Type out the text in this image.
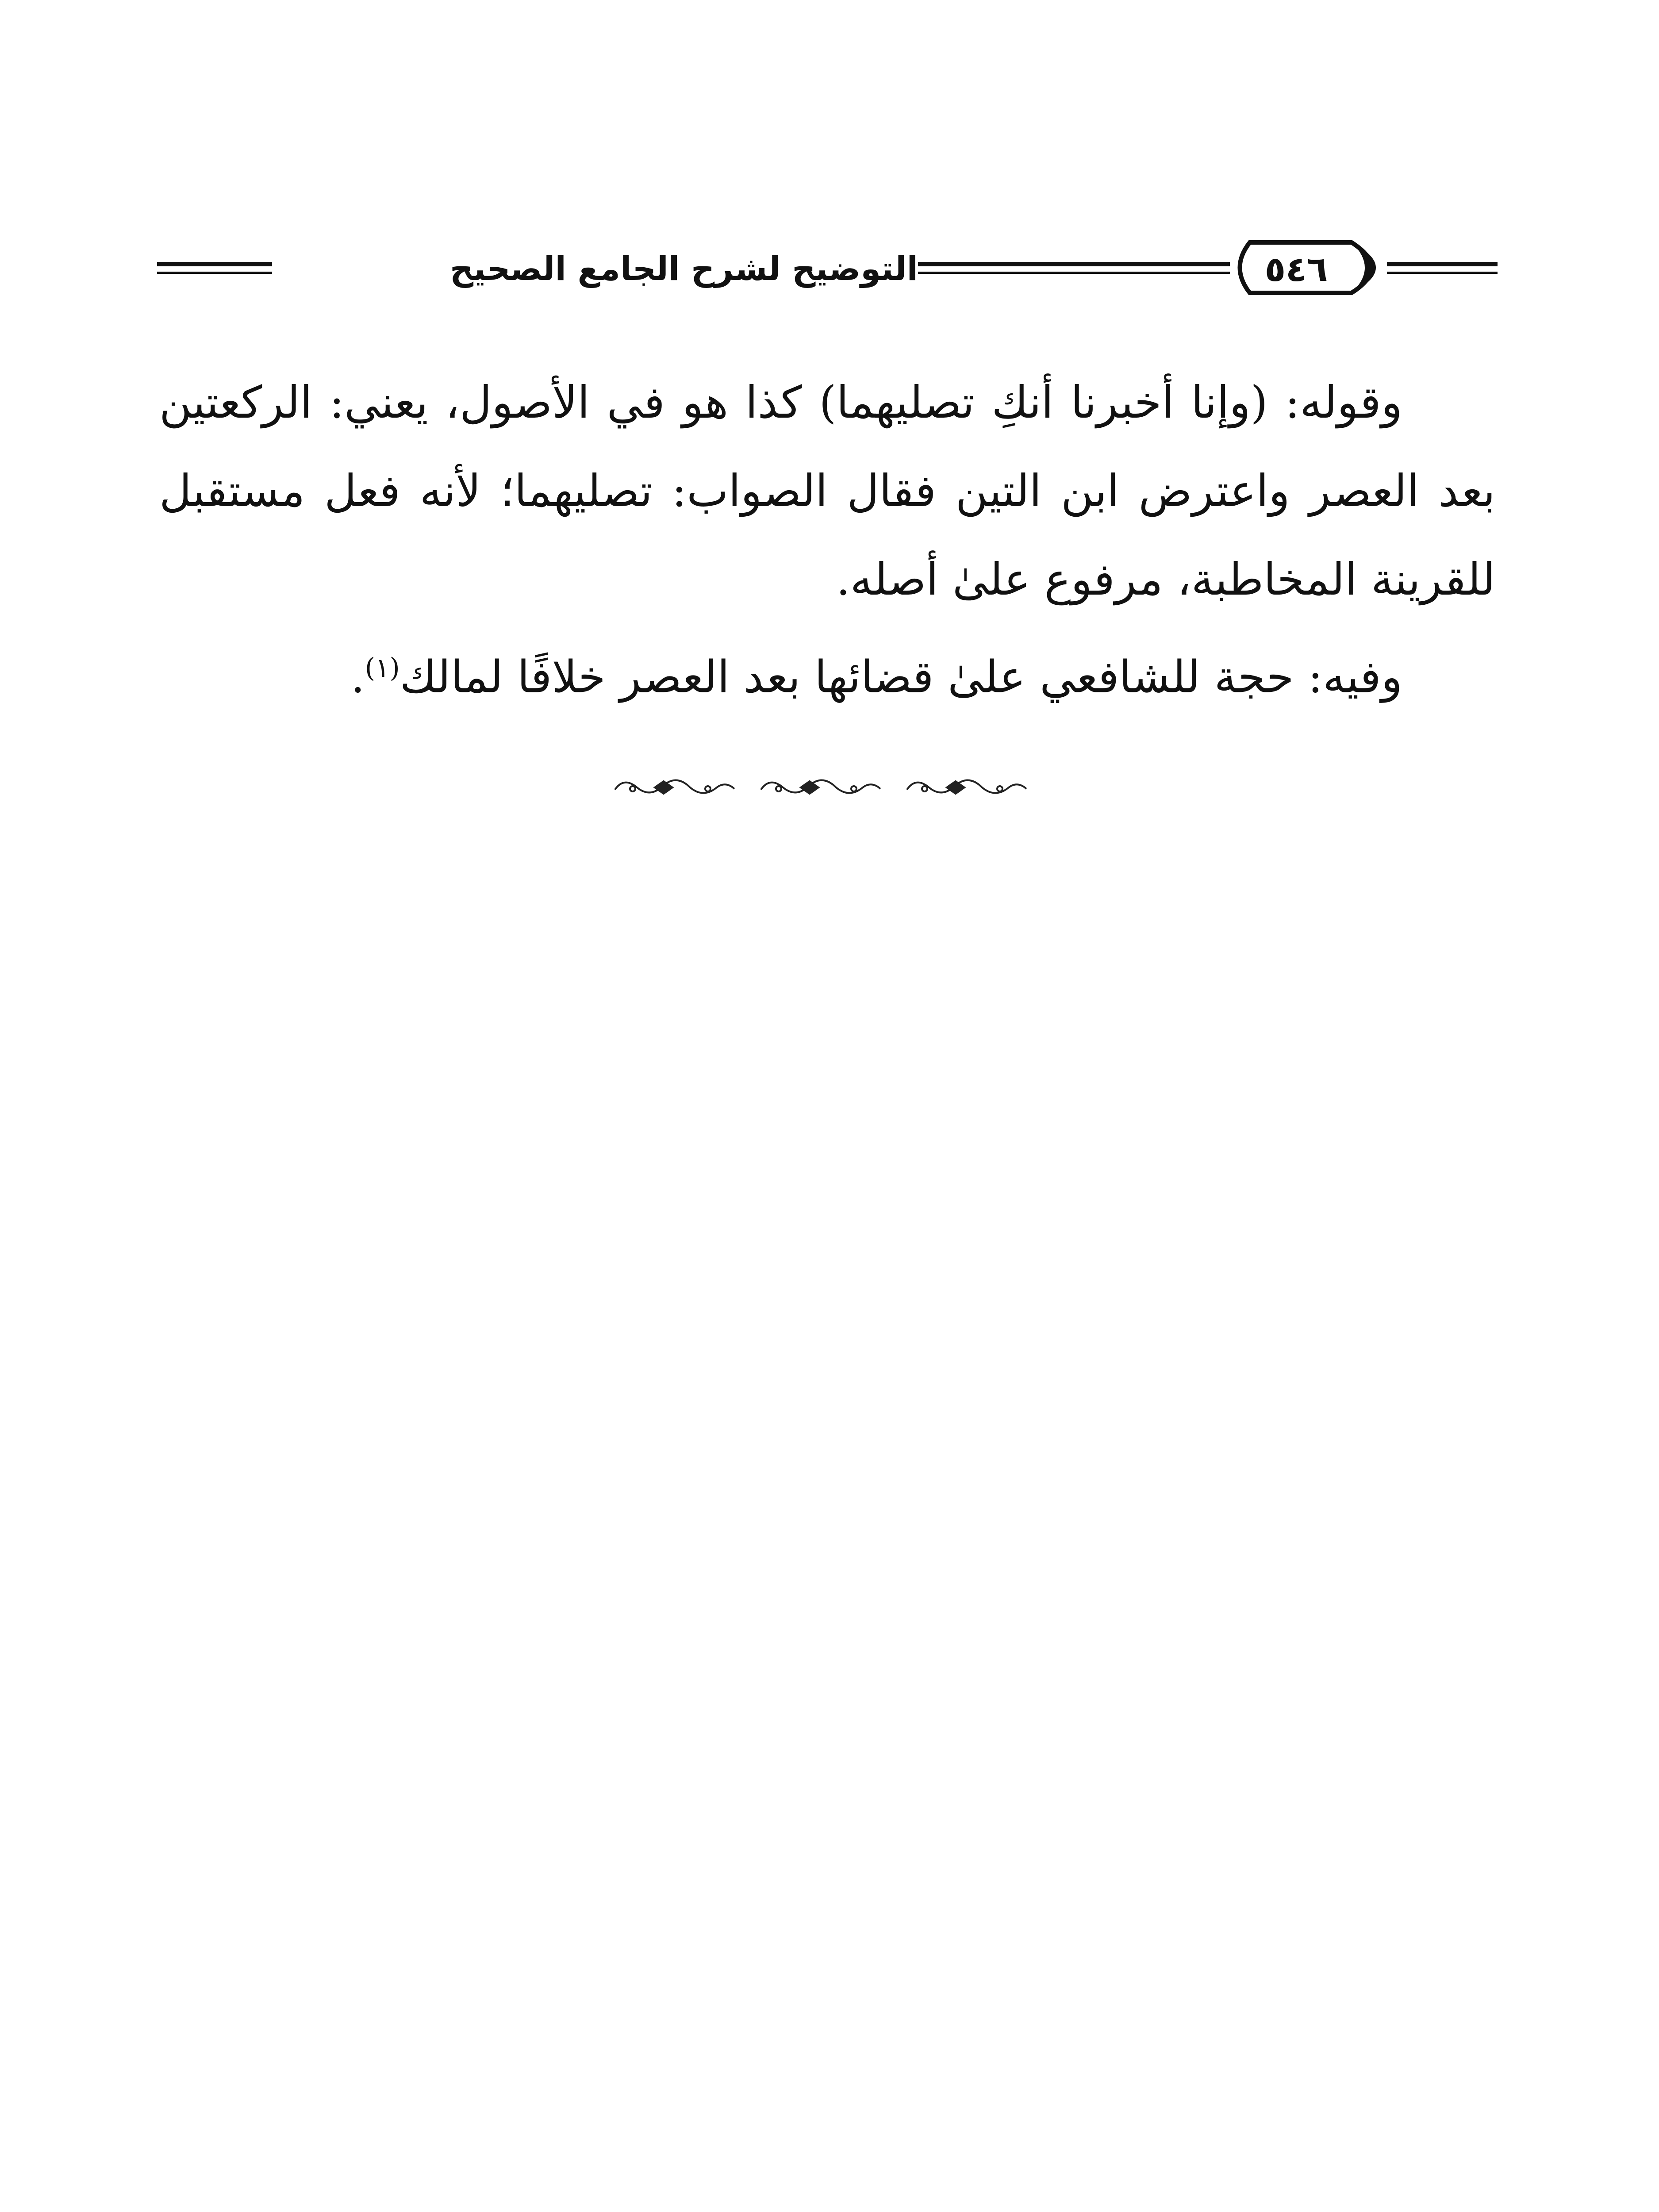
التوضيح لشرح الجامع الصحيح	٥٤٦

وقوله: (وإنا أخبرنا أنكِ تصليهما) كذا هو في الأصول، يعني: الركعتين بعد العصر واعترض ابن التين فقال الصواب: تصليهما؛ لأنه فعل مستقبل للقرينة المخاطبة، مرفوع علىٰ أصله.

وفيه: حجة للشافعي علىٰ قضائها بعد العصر خلافًا لمالك$^{(١)}$.
